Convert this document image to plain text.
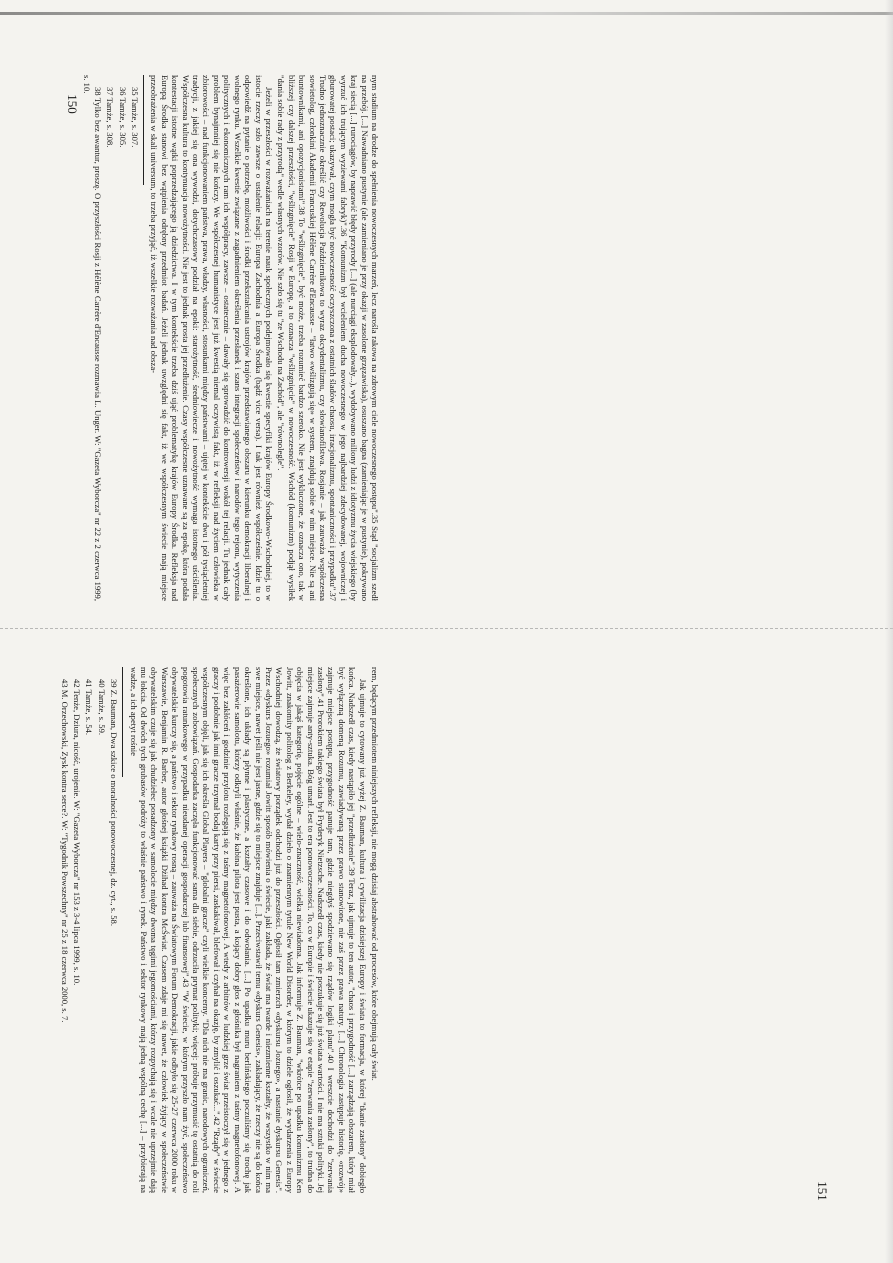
150
151

nym stadium na drodze do spełnienia nowoczesnych marzeń, lecz narośla rakowa na zdrowym ciele nowoczesnego postępu".35 Stąd "socjalizm szedł na przebój. [...] Nawadniano pustynie (ale zamieniano je przy okazji w zasolone grzęzawiska), osuszano bagna (zamieniając je w pustynie), pokrywano kraj siecią [...] rurociągów, by naprawić błędy przyrody [...] (ale nurciągi eksplodowały...), wydobywano miliony ludzi z idiotyzmu życia wiejskiego (by wyrzuć ich trującym wyziewami fabryk)".36 "Komunizm był wcieleniem ducha nowoczesnego w jego najbardziej zdecydowanej, wojowniczej i gburowatej postaci; ukazywał, czym mogła być nowoczesność oczyszczona z ostatnich śladów chaosu, irracjonalizmu, spontaniczności i przypadku".37 Trudno jednoznacznie określić czy Rewolucja Październikowa to wyraz okcydentalizmu, czy słowianofilstwa. Rosjanie – jak zauważa współczesna sowietolog, członkini Akademii Francuskiej Hélène Carrère d'Encausse – "łatwo «wślizgują się» w system, znajdują sobie w nim miejsce. Nie są ani buntownikami, ani opozycjonistami".38 To "wślizgnięcie", być może, trzeba rozumieć bardzo szeroko. Nie jest wykluczone, że oznacza ono, tak w bliższej czy dalszej przeszłości, "wślizgnięcie" Rosji w Europę, a to oznacza "wślizgnięcie" w nowoczesność. Wschód (komunizm) podjął wysiłek "dania sobie rady z przyrodą" wedle własnych wzorów. Nie szło się tu "ze Wschodu na Zachód", ale "równolegle".

Jeżeli w przeszłości w rozważaniach na terenie nauk społecznych podejmowało się kwestie specyfiki krajów Europy Środkowo-Wschodniej, to w istocie rzeczy szło zawsze o ustalenie relacji: Europa Zachodnia a Europa Środka (bądź vice versa). I tak jest również współcześnie. Idzie tu o odpowiedź na pytanie o potrzebę, możliwości i środki przekształcania ustrojów krajów przedstawianego obszaru w kierunku demokracji liberalnej i wolnego rynku. Wszelkie kwestie związane z zagadnieniem określenia przesłanek i szans integracji społeczeństw i narodów tego rejonu, wytyczenia politycznych i ekonomicznych ram ich współpracy, zawsze – ostatecznie – dawały się sprowadzić do kontrowersji wokół tej relacji. Tu jednak cały problem bynajmniej się nie kończy. We współczesnej humanistyce jest już kwestią niemal oczywistą fakt, iż w refleksji nad życiem człowieka w zbiorowości – nad funkcjonowaniem państwa, prawa, władzy, własności, stosunkami między państwami – ujętej w kontekście dwu i pół tysiącletniej tradycji, z jakiej się ona wywodzi, dotychczasowy podział na epoki: starożytność, średniowiecze i nowożytność wymaga istotnego uściślenia. Współczesna kultura to kontynuacja nowożytności. Nie jest to jednak prosta jej przedłużenie. Czasy współczesne uznawane są za epokę, która podała kontestacji istotne wątki poprzedzającego ją dziedzictwa. I w tym kontekście trzeba dziś ująć problematykę krajów Europy Środka. Refleksja nad Europą Środka stanowi bez wątpienia odrębny przedmiot badań. Jeżeli jednak uwzględni się fakt, iż we współczesnym świecie mają miejsce przeobrażenia w skali universum, to trzeba przyjąć, iż wszelkie rozważania nad obsza-

35 Tamże, s. 307.

36 Tamże, s. 305.

37 Tamże, s. 308.

38 Tylko bez awantur, proszę. O przyszłości Rosji z Hélène Carrère d'Encausse rozmawia L. Unger. W: "Gazeta Wyborcza" nr 22 z 2 czerwca 1999, s. 10.

rem, będącym przedmiotem niniejszych refleksji, nie mogą dzisiaj abstrahować od procesów, które obejmują cały świat.

Jak ujmuje to cytowany już wyżej Z. Bauman, kultura i cywilizacja dzisiejszej Europy i świata to formacja, w której "tkanie zasłony" dobiegło końca. Nadszedł czas, kiedy nastąpiło jej "przedłużenie".39 Teraz, jak ujmuje to ten autor, "chaos i przygodność [...] zarządzają obszarem, który miał być wyłączną domeną Rozumu, zawiadywaną przez prawo stanowione, nie zaś przez prawa natury. [...] Chronologia zastępuje historię, «rozwój» zajmuje miejsce postępu, przygodność panuje tam, gdzie niegdyś spodziewano się rządów logiki planu".40 I wreszcie dochodzi do "zerwania zasłony".41 Prorokiem takiego świata był Fryderyk Nietzsche. Nadszedł czas, kiedy nie poszukuje się już świata wartości. I nie ma sztuki polityki. Jej miejsce zajmuje anty-sztuka. Bóg umarł. Jest to era ponowoczesności. To, co w Europie i świecie ukazuje się w etapie "zerwania zasłony", to trudna do objęcia w jakąś kategorię, pojęcie ogólne – wielo-znaczność, wielka niewiadoma. Jak informuje Z. Bauman, "wkrótce po upadku komunizmu Ken Jowitt, znakomity politolog z Berkeley, wydał dzieło o znamiennym tytule New World Disorder, w którym to dziele ogłosił, że wydarzenia z Europy Wschodniej dowodzą, że światowy porządek odchodzi już do przeszłości. Ogłosił tam zmierzch «dyskursu Jozuego», a nastanie dyskursu Genesis". Przez «dyskurs Jozuego» rozumiał Jowitt sposób mówienia o świecie, jaki zakłada, że świat ma twarde i niezmienne kształty, że wszystko w nim ma swe miejsce, nawet jeśli nie jest jasne, gdzie się to miejsce znajduje [...]. Przeciwstawił temu «dyskurs Genesis», zakładający, że rzeczy nie są do końca określone, ich układy są płynne i plastyczne, a kształty czasowe i do odwołania. [...] Po upadku muru berlińskiego poczuliśmy się trochę jak pasażerowie samolotu, którzy odkryli właśnie, że kabina pilota jest pusta, a kojący dobry głos z głośnika był nagraniem z taśmy magnetofonowej. A więc bez zakłóceń i godzinie przylotu rozlegają się z taśmy magnetofonowej. A wtedy z arbitrów w ludzkiej grze świat przeistoczył się w jednego z graczy i podobnie jak inni gracze trzymał bodaj karty przy piersi, zaskakiwał, blefował i czyhał na okazję, by zmylić i oszukać...".42 "Rządy" w świecie współczesnym objęli, jak się ich określa Global Players – "globalni gracze" czyli wielkie koncerny. "Dla nich nie ma granic, narodowych ograniczeń, społecznych zobowiązań. Gospodarka zaczęła funkcjonować sama dla siebie, odrzuciła prymat polityki; więcej: próbuje przymusić tę ostatnią do roli pogotowia ratunkowego w przypadku nieudanej operacji gospodarczej lub finansowej".43 "W świecie, w którym przyszło nam żyć, społeczeństwo obywatelskie kurczy się, a państwo i sektor rynkowy rosną – zauważa na Światowym Forum Demokracji, jakie odbyło się 25-27 czerwca 2000 roku w Warszawie, Benjamin R. Barber, autor głośnej książki Dżihad kontra McŚwiat. Czasem zdaje mi się nawet, że człowiek żyjący w społeczeństwie obywatelskim czuje się jak chudziełec posadzony w samolocie między dwoma tęgimi jegomościami, którzy rozpychają się i wcale nie uprzejmie dają mu łokcia. Od dwóch tych grubasów podróży to właśnie państwo i rynek. Państwo i sektor rynkowy mają jedną wspólną cechę [...] – przybierają na wadze, a ich apetyt rośnie

39 Z. Bauman, Dwa szkice o moralności ponowoczesnej, dz. cyt., s. 58.

40 Tamże, s. 59.

41 Tamże, s. 54.

42 Tenże, Dziura, nicość, urojenie. W: "Gazeta Wyborcza" nr 153 z 3-4 lipca 1999, s. 10.

43 M. Orzechowski, Zysk kontra serce?. W: "Tygodnik Powszechny" nr 25 z 18 czerwca 2000, s. 7.
